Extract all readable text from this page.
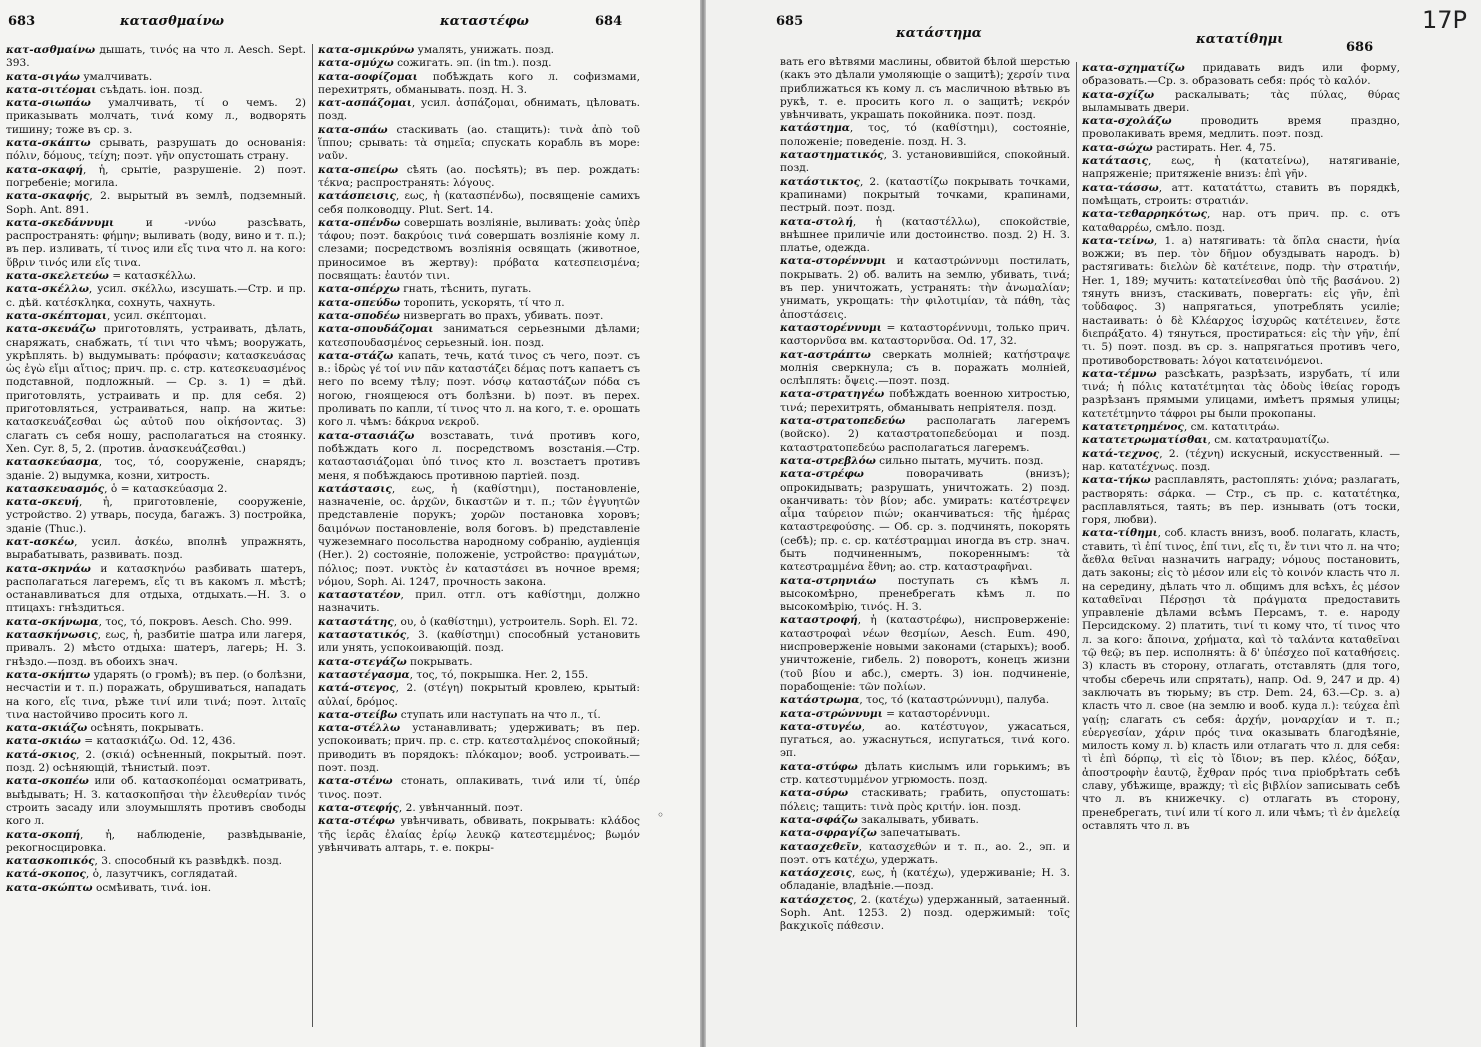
683	κατασθμαίνω	καταστέφω	684

κατ-ασθμαίνω дышать, τινός на что л. Aesch. Sept. 393.

κατα-σιγάω умалчивать.

κατα-σιτέομαι съѣдать. іон. позд.

κατα-σιωπάω умалчивать, τί о чемъ. 2) приказывать молчать, τινά кому л., водворять тишину; тоже въ ср. з.

κατα-σκάπτω срывать, разрушать до основанія: πόλιν, δόμους, τείχη; поэт. γῆν опустошать страну.

κατα-σκαφή, ἡ, срытіе, разрушеніе. 2) поэт. погребеніе; могила.

κατα-σκαφής, 2. вырытый въ землѣ, подземный. Soph. Ant. 891.

κατα-σκεδάννυμι и -ννύω разсѣвать, распространять: φήμην; выливать (воду, вино и т. п.); въ пер. изливать, τί τινος или εἴς τινα что л. на кого: ὕβριν τινός или εἴς τινα.

κατα-σκελετεύω = κατασκέλλω.

κατα-σκέλλω, усил. σκέλλω, изсушать.—Стр. и пр. с. дѣй. κατέσκληκα, сохнуть, чахнуть.

κατα-σκέπτομαι, усил. σκέπτομαι.

κατα-σκευάζω приготовлять, устраивать, дѣлать, снаряжать, снабжать, τί τινι что чѣмъ; вооружать, укрѣплять. b) выдумывать: πρόφασιν; κατασκευάσας ὡς ἐγὼ εἴμι αἴτιος; прич. пр. с. стр. κατεσκευασμένος подставной, подложный. — Ср. з. 1) = дѣй. приготовлять, устраивать и пр. для себя. 2) приготовляться, устраиваться, напр. на житье: κατασκευάζεσθαι ὡς αὐτοῦ που οἰκήσοντας. 3) слагать съ себя ношу, располагаться на стоянку. Xen. Cyr. 8, 5, 2. (против. ἀνασκευάζεσθαι.)

κατασκεύασμα, τος, τό, сооруженіе, снарядъ; зданіе. 2) выдумка, козни, хитрость.

κατασκευασμός, ὁ = κατασκεύασμα 2.

κατα-σκευή, ἡ, приготовленіе, сооруженіе, устройство. 2) утварь, посуда, багажъ. 3) постройка, зданіе (Thuc.).

κατ-ασκέω, усил. ἀσκέω, вполнѣ упражнять, вырабатывать, развивать. позд.

κατα-σκηνάω и κατασκηνόω разбивать шатеръ, располагаться лагеремъ, εἴς τι въ какомъ л. мѣстѣ; останавливаться для отдыха, отдыхать.—Н. З. о птицахъ: гнѣздиться.

κατα-σκήνωμα, τος, τό, покровъ. Aesch. Cho. 999.

κατασκήνωσις, εως, ἡ, разбитіе шатра или лагеря, привалъ. 2) мѣсто отдыха: шатеръ, лагерь; Н. З. гнѣздо.—позд. въ обоихъ знач.

κατα-σκήπτω ударять (о громѣ); въ пер. (о болѣзни, несчастіи и т. п.) поражать, обрушиваться, нападать на кого, εἴς τινα, рѣже τινί или τινά; поэт. λιταῖς τινα настойчиво просить кого л.

κατα-σκιάζω осѣнять, покрывать.

κατα-σκιάω = κατασκιάζω. Od. 12, 436.

κατά-σκιος, 2. (σκιά) осѣненный, покрытый. поэт. позд. 2) осѣняющій, тѣнистый. поэт.

κατα-σκοπέω или об. κατασκοπέομαι осматривать, выѣдывать; Н. З. κατασκοπῆσαι τὴν ἐλευθερίαν τινός строить засаду или злоумышлять противъ свободы кого л.

κατα-σκοπή, ἡ, наблюденіе, развѣдываніе, рекогносцировка.

κατασκοπικός, 3. способный къ развѣдкѣ. позд.

κατά-σκοπος, ὁ, лазутчикъ, соглядатай.

κατα-σκώπτω осмѣивать, τινά. іон.

κατα-σμικρύνω умалять, унижать. позд.

κατα-σμύχω сожигать. эп. (in tm.). позд.

κατα-σοφίζομαι побѣждать кого л. софизмами, перехитрять, обманывать. позд. Н. З.

κατ-ασπάζομαι, усил. ἀσπάζομαι, обнимать, цѣловать. позд.

κατα-σπάω стаскивать (ао. стащить): τινὰ ἀπὸ τοῦ ἵππου; срывать: τὰ σημεῖα; спускать корабль въ море: ναῦν.

κατα-σπείρω сѣять (ао. посѣять); въ пер. рождать: τέκνα; распространять: λόγους.

κατάσπεισις, εως, ἡ (κατασπένδω), посвященіе самихъ себя полководцу. Plut. Sert. 14.

κατα-σπένδω совершать возліяніе, выливать: χοὰς ὑπὲρ τάφου; поэт. δακρύοις τινά совершать возліяніе кому л. слезами; посредствомъ возліянія освящать (животное, приносимое въ жертву): πρόβατα κατεσπεισμένα; посвящать: ἑαυτόν τινι.

κατα-σπέρχω гнать, тѣснить, пугать.

κατα-σπεύδω торопить, ускорять, τί что л.

κατα-σποδέω низвергать во прахъ, убивать. поэт.

κατα-σπουδάζομαι заниматься серьезными дѣлами; κατεσπουδασμένος серьезный. іон. позд.

κατα-στάζω капать, течь, κατά τινος съ чего, поэт. съ в.: ἱδρὼς γέ τοί νιν πᾶν καταστάζει δέμας потъ капаетъ съ него по всему тѣлу; поэт. νόσῳ καταστάζων πόδα съ ногою, гноящеюся отъ болѣзни. b) поэт. въ перех. проливать по капли, τί τινος что л. на кого, т. е. орошать кого л. чѣмъ: δάκρυα νεκροῦ.

κατα-στασιάζω возставать, τινά противъ кого, побѣждать кого л. посредствомъ возстанія.—Стр. καταστασιάζομαι ὑπό τινος кто л. возстаетъ противъ меня, я побѣждаюсь противною партіей. позд.

κατάστασις, εως, ἡ (καθίστημι), постановленіе, назначеніе, ос. ἀρχῶν, δικαστῶν и т. п.; τῶν ἐγγυητῶν представленіе порукъ; χορῶν постановка хоровъ; δαιμόνων постановленіе, воля боговъ. b) представленіе чужеземнаго посольства народному собранію, аудіенція (Her.). 2) состояніе, положеніе, устройство: πραγμάτων, πόλιος; поэт. νυκτὸς ἐν καταστάσει въ ночное время; νόμου, Soph. Ai. 1247, прочность закона.

καταστατέον, прил. отгл. отъ καθίστημι, должно назначить.

καταστάτης, ου, ὁ (καθίστημι), устроитель. Soph. El. 72.

καταστατικός, 3. (καθίστημι) способный установить или унять, успокоивающій. позд.

κατα-στεγάζω покрывать.

καταστέγασμα, τος, τό, покрышка. Her. 2, 155.

κατά-στεγος, 2. (στέγη) покрытый кровлею, крытый: αὐλαί, δρόμος.

κατα-στείβω ступать или наступать на что л., τί.

κατα-στέλλω устанавливать; удерживать; въ пер. успокоивать; прич. пр. с. стр. κατεσταλμένος спокойный; приводить въ порядокъ: πλόκαμον; вооб. устроивать.—поэт. позд.

κατα-στένω стонать, оплакивать, τινά или τί, ὑπέρ τινος. поэт.

κατα-στεφής, 2. увѣнчанный. поэт.

κατα-στέφω увѣнчивать, обвивать, покрывать: κλάδος τῆς ἱερᾶς ἐλαίας ἐρίῳ λευκῷ κατεστεμμένος; βωμόν увѣнчивать алтарь, т. е. покры-

◦
685
κατάστημα	κατατίθημι
686
17Р

вать его вѣтвями маслины, обвитой бѣлой шерстью (какъ это дѣлали умоляющіе о защитѣ); χερσίν τινα приближаться къ кому л. съ масличною вѣтвью въ рукѣ, т. е. просить кого л. о защитѣ; νεκρόν увѣнчивать, украшать покойника. поэт. позд.

κατάστημα, τος, τό (καθίστημι), состояніе, положеніе; поведеніе. позд. Н. З.

καταστηματικός, 3. установившійся, спокойный. позд.

κατάστικτος, 2. (καταστίζω покрывать точками, крапинами) покрытый точками, крапинами, пестрый. поэт. позд.

κατα-στολή, ἡ (καταστέλλω), спокойствіе, внѣшнее приличіе или достоинство. позд. 2) Н. З. платье, одежда.

κατα-στορέννυμι и καταστρώννυμι постилать, покрывать. 2) об. валить на землю, убивать, τινά; въ пер. уничтожать, устранять: τὴν ἀνωμαλίαν; унимать, укрощать: τὴν φιλοτιμίαν, τὰ πάθη, τὰς ἀποστάσεις.

καταστορέννυμι = καταστορέννυμι, только прич. καστορνῦσα вм. καταστορνῦσα. Od. 17, 32.

κατ-αστράπτω сверкать молніей; κατήστραψε молнія сверкнула; съ в. поражать молніей, ослѣплять: ὄψεις.—поэт. позд.

κατα-στρατηγέω побѣждать военною хитростью, τινά; перехитрять, обманывать непріятеля. позд.

κατα-στρατοπεδεύω располагать лагеремъ (войско). 2) καταστρατοπεδεύομαι и позд. καταστρατοπεδεύω располагаться лагеремъ.

κατα-στρεβλόω сильно пытать, мучить. позд.

κατα-στρέφω поворачивать (внизъ); опрокидывать; разрушать, уничтожать. 2) позд. оканчивать: τὸν βίον; абс. умирать: κατέστρεψεν αἷμα ταύρειον πιών; оканчиваться: τῆς ἡμέρας καταστρεφούσης. — Об. ср. з. подчинять, покорять (себѣ); пр. с. ср. κατέστραμμαι иногда въ стр. знач. быть подчиненнымъ, покореннымъ: τὰ κατεστραμμένα ἔθνη; ао. стр. καταστραφῆναι.

κατα-στρηνιάω поступать съ кѣмъ л. высокомѣрно, пренебрегать кѣмъ л. по высокомѣрію, τινός. Н. З.

καταστροφή, ἡ (καταστρέφω), ниспроверженіе: καταστροφαὶ νέων θεσμίων, Aesch. Eum. 490, ниспроверженіе новыми законами (старыхъ); вооб. уничтоженіе, гибель. 2) поворотъ, конецъ жизни (τοῦ βίου и абс.), смерть. 3) іон. подчиненіе, порабощеніе: τῶν πολίων.

κατάστρωμα, τος, τό (καταστρώννυμι), палуба.

κατα-στρώννυμι = καταστορέννυμι.

κατα-στυγέω, ао. κατέστυγον, ужасаться, пугаться, ао. ужаснуться, испугаться, τινά кого. эп.

κατα-στύφω дѣлать кислымъ или горькимъ; въ стр. κατεστυμμένον угрюмость. позд.

κατα-σύρω стаскивать; грабить, опустошать: πόλεις; тащить: τινὰ πρὸς κριτήν. іон. позд.

κατα-σφάζω закалывать, убивать.

κατα-σφραγίζω запечатывать.

κατασχεθεῖν, κατασχεθών и т. п., ао. 2., эп. и поэт. отъ κατέχω, удержать.

κατάσχεσις, εως, ἡ (κατέχω), удерживаніе; Н. З. обладаніе, владѣніе.—позд.

κατάσχετος, 2. (κατέχω) удержанный, затаенный. Soph. Ant. 1253. 2) позд. одержимый: τοῖς βακχικοῖς πάθεσιν.

κατα-σχηματίζω придавать видъ или форму, образовать.—Ср. з. образовать себя: πρός τὸ καλόν.

κατα-σχίζω раскалывать; τὰς πύλας, θύρας выламывать двери.

κατα-σχολάζω проводить время праздно, проволакивать время, медлить. поэт. позд.

κατα-σώχω растирать. Her. 4, 75.

κατάτασις, εως, ἡ (κατατείνω), натягиваніе, напряженіе; притяженіе внизъ: ἐπὶ γῆν.

κατα-τάσσω, атт. κατατάττω, ставить въ порядкѣ, помѣщать, строить: στρατιάν.

κατα-τεθαρρηκότως, нар. отъ прич. пр. с. отъ καταθαρρέω, смѣло. позд.

κατα-τείνω, 1. a) натягивать: τὰ ὅπλα снасти, ἡνία вожжи; въ пер. τὸν δῆμον обуздывать народъ. b) растягивать: διελὼν δὲ κατέτεινε, подр. τὴν στρατιήν, Her. 1, 189; мучить: κατατείνεσθαι ὑπὸ τῆς βασάνου. 2) тянуть внизъ, стаскивать, повергать: εἰς γῆν, ἐπὶ τοὔδαφος. 3) напрягаться, употреблять усиліе; настаивать: ὁ δὲ Κλέαρχος ἰσχυρῶς κατέτεινεν, ἔστε διεπράξατο. 4) тянуться, простираться: εἰς τὴν γῆν, ἐπί τι. 5) поэт. позд. въ ср. з. напрягаться противъ чего, противоборствовать: λόγοι κατατεινόμενοι.

κατα-τέμνω разсѣкать, разрѣзать, изрубать, τί или τινά; ἡ πόλις κατατέτμηται τὰς ὁδοὺς ἰθείας городъ разрѣзанъ прямыми улицами, имѣетъ прямыя улицы; κατετέτμηντο τάφροι ры были прокопаны.

κατατετρημένος, см. κατατιτράω.

κατατετρωματίσθαι, см. κατατραυματίζω.

κατά-τεχνος, 2. (τέχνη) искусный, искусственный. — нар. κατατέχνως. позд.

κατα-τήκω расплавлять, растоплять: χιόνα; разлагать, растворять: σάρκα. — Стр., съ пр. с. κατατέτηκα, расплавляться, таять; въ пер. изнывать (отъ тоски, горя, любви).

κατα-τίθημι, соб. класть внизъ, вооб. полагать, класть, ставить, τὶ ἐπί τινος, ἐπί τινι, εἴς τι, ἔν τινι что л. на что; ἄεθλα θεῖναι назначить награду; νόμους постановить, дать законы; εἰς τὸ μέσον или εἰς τὸ κοινόν класть что л. на середину, дѣлать что л. общимъ для всѣхъ, ἐς μέσον καταθεῖναι Πέρσῃσι τὰ πράγματα предоставить управленіе дѣлами всѣмъ Персамъ, т. е. народу Персидскому. 2) платить, τινί τι кому что, τί τινος что л. за кого: ἄποινα, χρήματα, καὶ τὸ ταλάντα καταθεῖναι τῷ θεῷ; въ пер. исполнять: ἃ δ' ὑπέσχεο ποῖ καταθήσεις. 3) класть въ сторону, отлагать, отставлять (для того, чтобы сберечь или спрятать), напр. Od. 9, 247 и др. 4) заключать въ тюрьму; въ стр. Dem. 24, 63.—Ср. з. а) класть что л. свое (на землю и вооб. куда л.): τεύχεα ἐπὶ γαίῃ; слагать съ себя: ἀρχήν, μοναρχίαν и т. п.; εὐεργεσίαν, χάριν πρός τινα оказывать благодѣяніе, милость кому л. b) класть или отлагать что л. для себя: τὶ ἐπὶ δόρπῳ, τὶ εἰς τὸ ἴδιον; въ пер. κλέος, δόξαν, ἀποστροφὴν ἑαυτῷ, ἔχθραν πρός τινα пріобрѣтать себѣ славу, убѣжище, вражду; τὶ εἰς βιβλίον записывать себѣ что л. въ книжечку. c) отлагать въ сторону, пренебрегать, τινί или τί кого л. или чѣмъ; τὶ ἐν ἀμελείᾳ оставлять что л. въ
